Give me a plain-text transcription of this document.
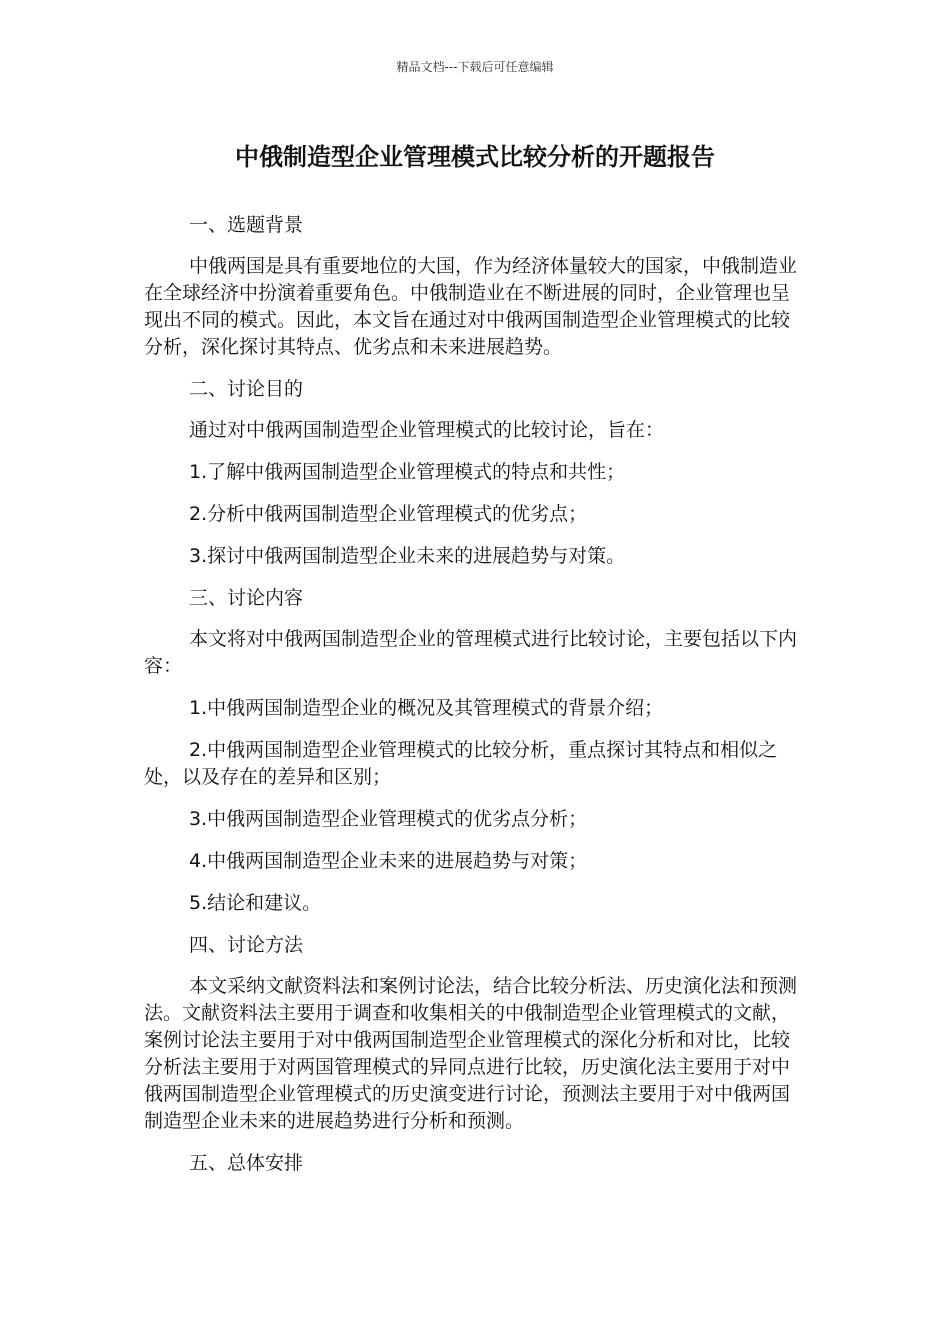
精品文档---下载后可任意编辑
中俄制造型企业管理模式比较分析的开题报告

一、选题背景

中俄两国是具有重要地位的大国，作为经济体量较大的国家，中俄制造业在全球经济中扮演着重要角色。中俄制造业在不断进展的同时，企业管理也呈现出不同的模式。因此，本文旨在通过对中俄两国制造型企业管理模式的比较分析，深化探讨其特点、优劣点和未来进展趋势。

二、讨论目的

通过对中俄两国制造型企业管理模式的比较讨论，旨在：

1.了解中俄两国制造型企业管理模式的特点和共性；

2.分析中俄两国制造型企业管理模式的优劣点；

3.探讨中俄两国制造型企业未来的进展趋势与对策。

三、讨论内容

本文将对中俄两国制造型企业的管理模式进行比较讨论，主要包括以下内容：

1.中俄两国制造型企业的概况及其管理模式的背景介绍；

2.中俄两国制造型企业管理模式的比较分析，重点探讨其特点和相似之处，以及存在的差异和区别；

3.中俄两国制造型企业管理模式的优劣点分析；

4.中俄两国制造型企业未来的进展趋势与对策；

5.结论和建议。

四、讨论方法

本文采纳文献资料法和案例讨论法，结合比较分析法、历史演化法和预测法。文献资料法主要用于调查和收集相关的中俄制造型企业管理模式的文献，案例讨论法主要用于对中俄两国制造型企业管理模式的深化分析和对比，比较分析法主要用于对两国管理模式的异同点进行比较，历史演化法主要用于对中俄两国制造型企业管理模式的历史演变进行讨论，预测法主要用于对中俄两国制造型企业未来的进展趋势进行分析和预测。

五、总体安排
